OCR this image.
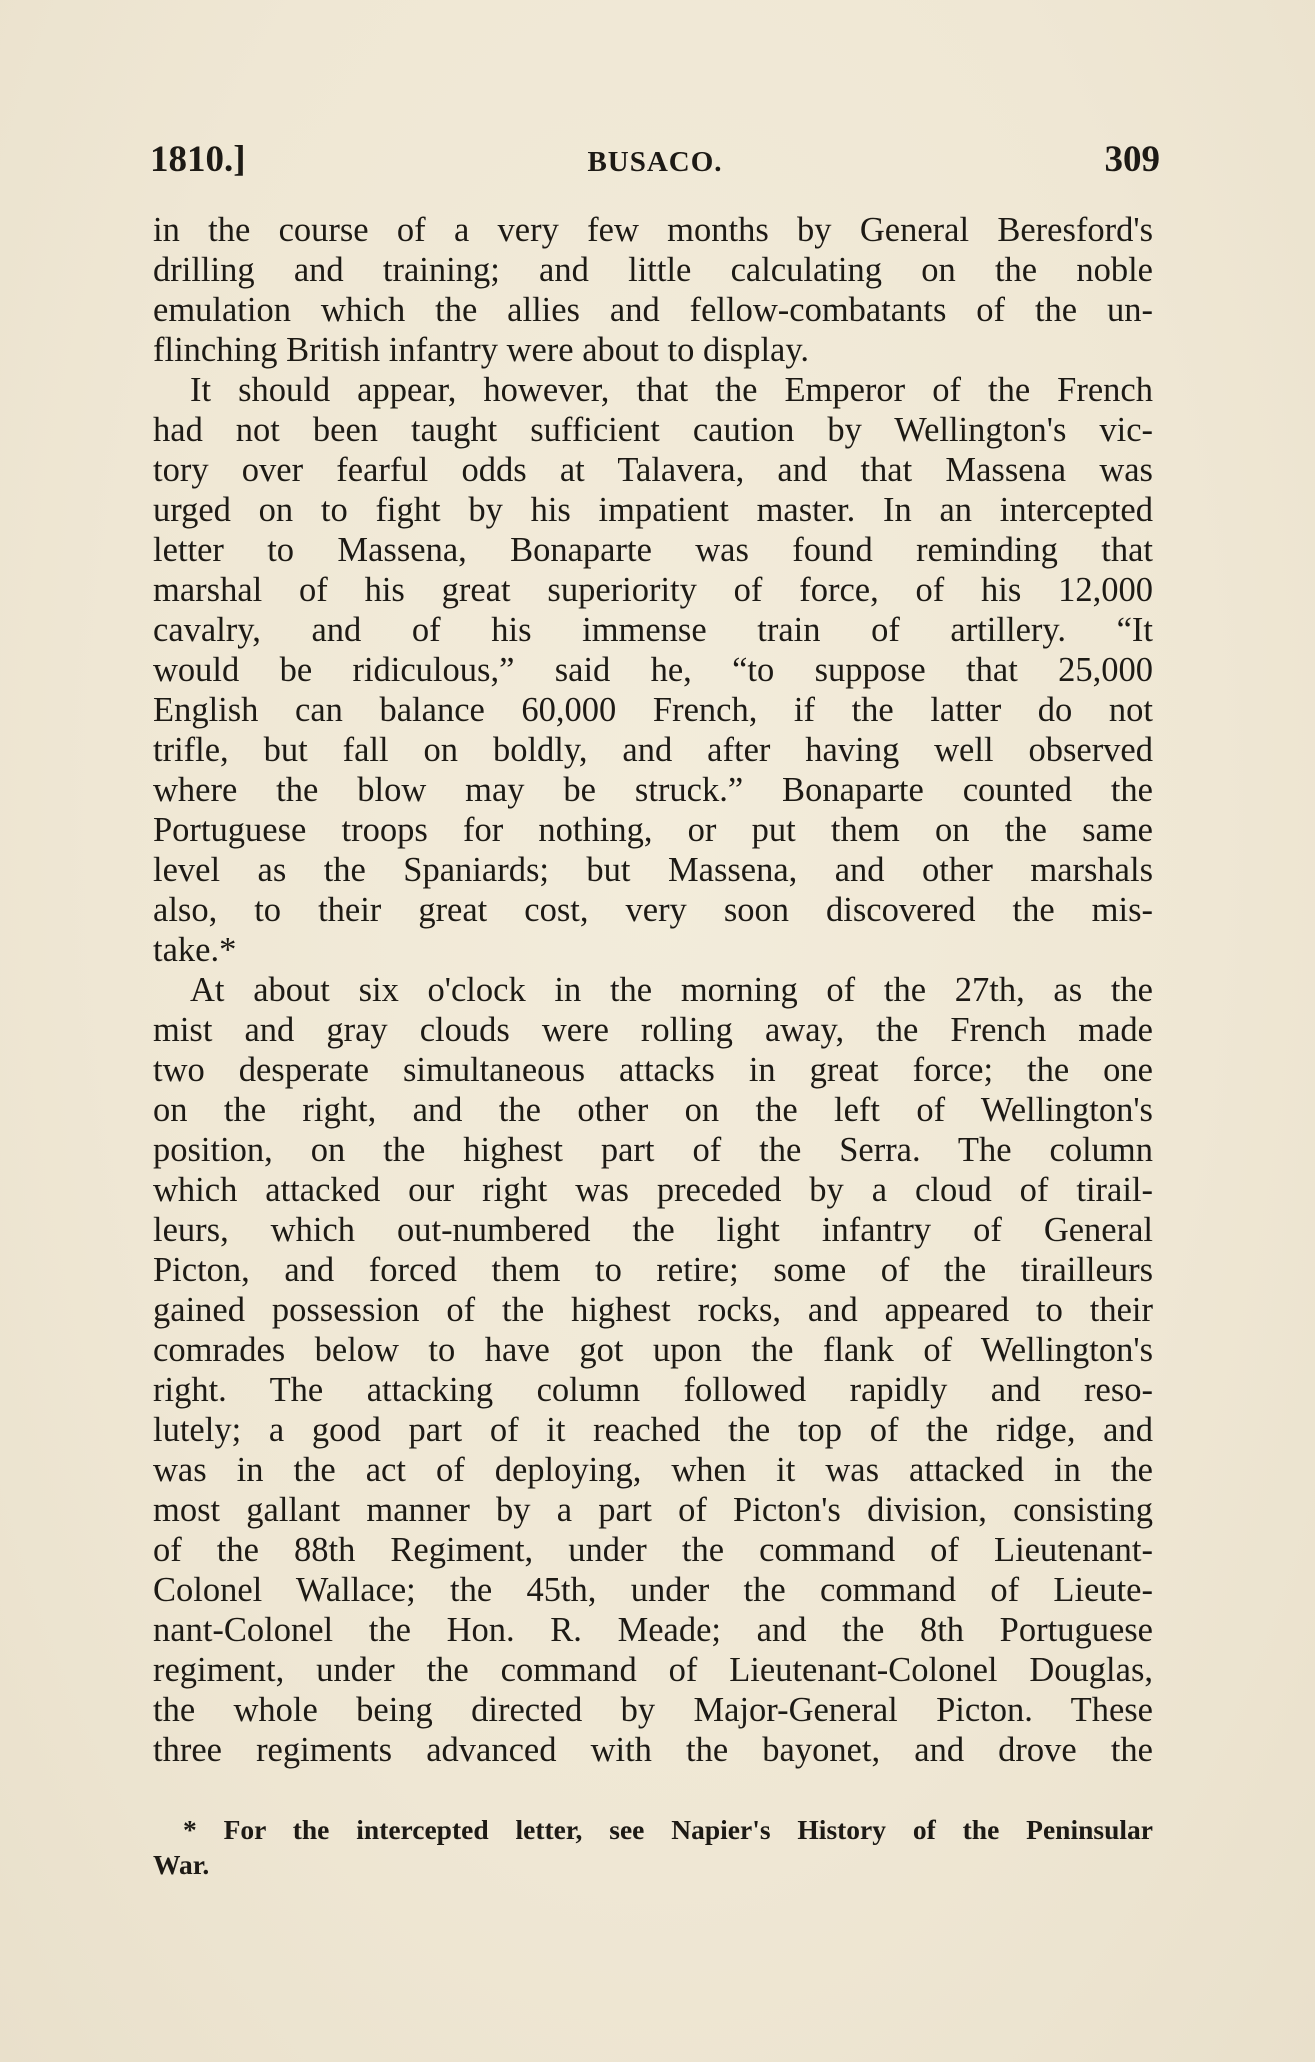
1810.]	BUSACO.	309
in the course of a very few months by General Beresford's
drilling and training; and little calculating on the noble
emulation which the allies and fellow-combatants of the un-
flinching British infantry were about to display.
It should appear, however, that the Emperor of the French
had not been taught sufficient caution by Wellington's vic-
tory over fearful odds at Talavera, and that Massena was
urged on to fight by his impatient master. In an intercepted
letter to Massena, Bonaparte was found reminding that
marshal of his great superiority of force, of his 12,000
cavalry, and of his immense train of artillery. “It
would be ridiculous,” said he, “to suppose that 25,000
English can balance 60,000 French, if the latter do not
trifle, but fall on boldly, and after having well observed
where the blow may be struck.” Bonaparte counted the
Portuguese troops for nothing, or put them on the same
level as the Spaniards; but Massena, and other marshals
also, to their great cost, very soon discovered the mis-
take.*
At about six o'clock in the morning of the 27th, as the
mist and gray clouds were rolling away, the French made
two desperate simultaneous attacks in great force; the one
on the right, and the other on the left of Wellington's
position, on the highest part of the Serra. The column
which attacked our right was preceded by a cloud of tirail-
leurs, which out-numbered the light infantry of General
Picton, and forced them to retire; some of the tirailleurs
gained possession of the highest rocks, and appeared to their
comrades below to have got upon the flank of Wellington's
right. The attacking column followed rapidly and reso-
lutely; a good part of it reached the top of the ridge, and
was in the act of deploying, when it was attacked in the
most gallant manner by a part of Picton's division, consisting
of the 88th Regiment, under the command of Lieutenant-
Colonel Wallace; the 45th, under the command of Lieute-
nant-Colonel the Hon. R. Meade; and the 8th Portuguese
regiment, under the command of Lieutenant-Colonel Douglas,
the whole being directed by Major-General Picton. These
three regiments advanced with the bayonet, and drove the
* For the intercepted letter, see Napier's History of the Peninsular
War.
